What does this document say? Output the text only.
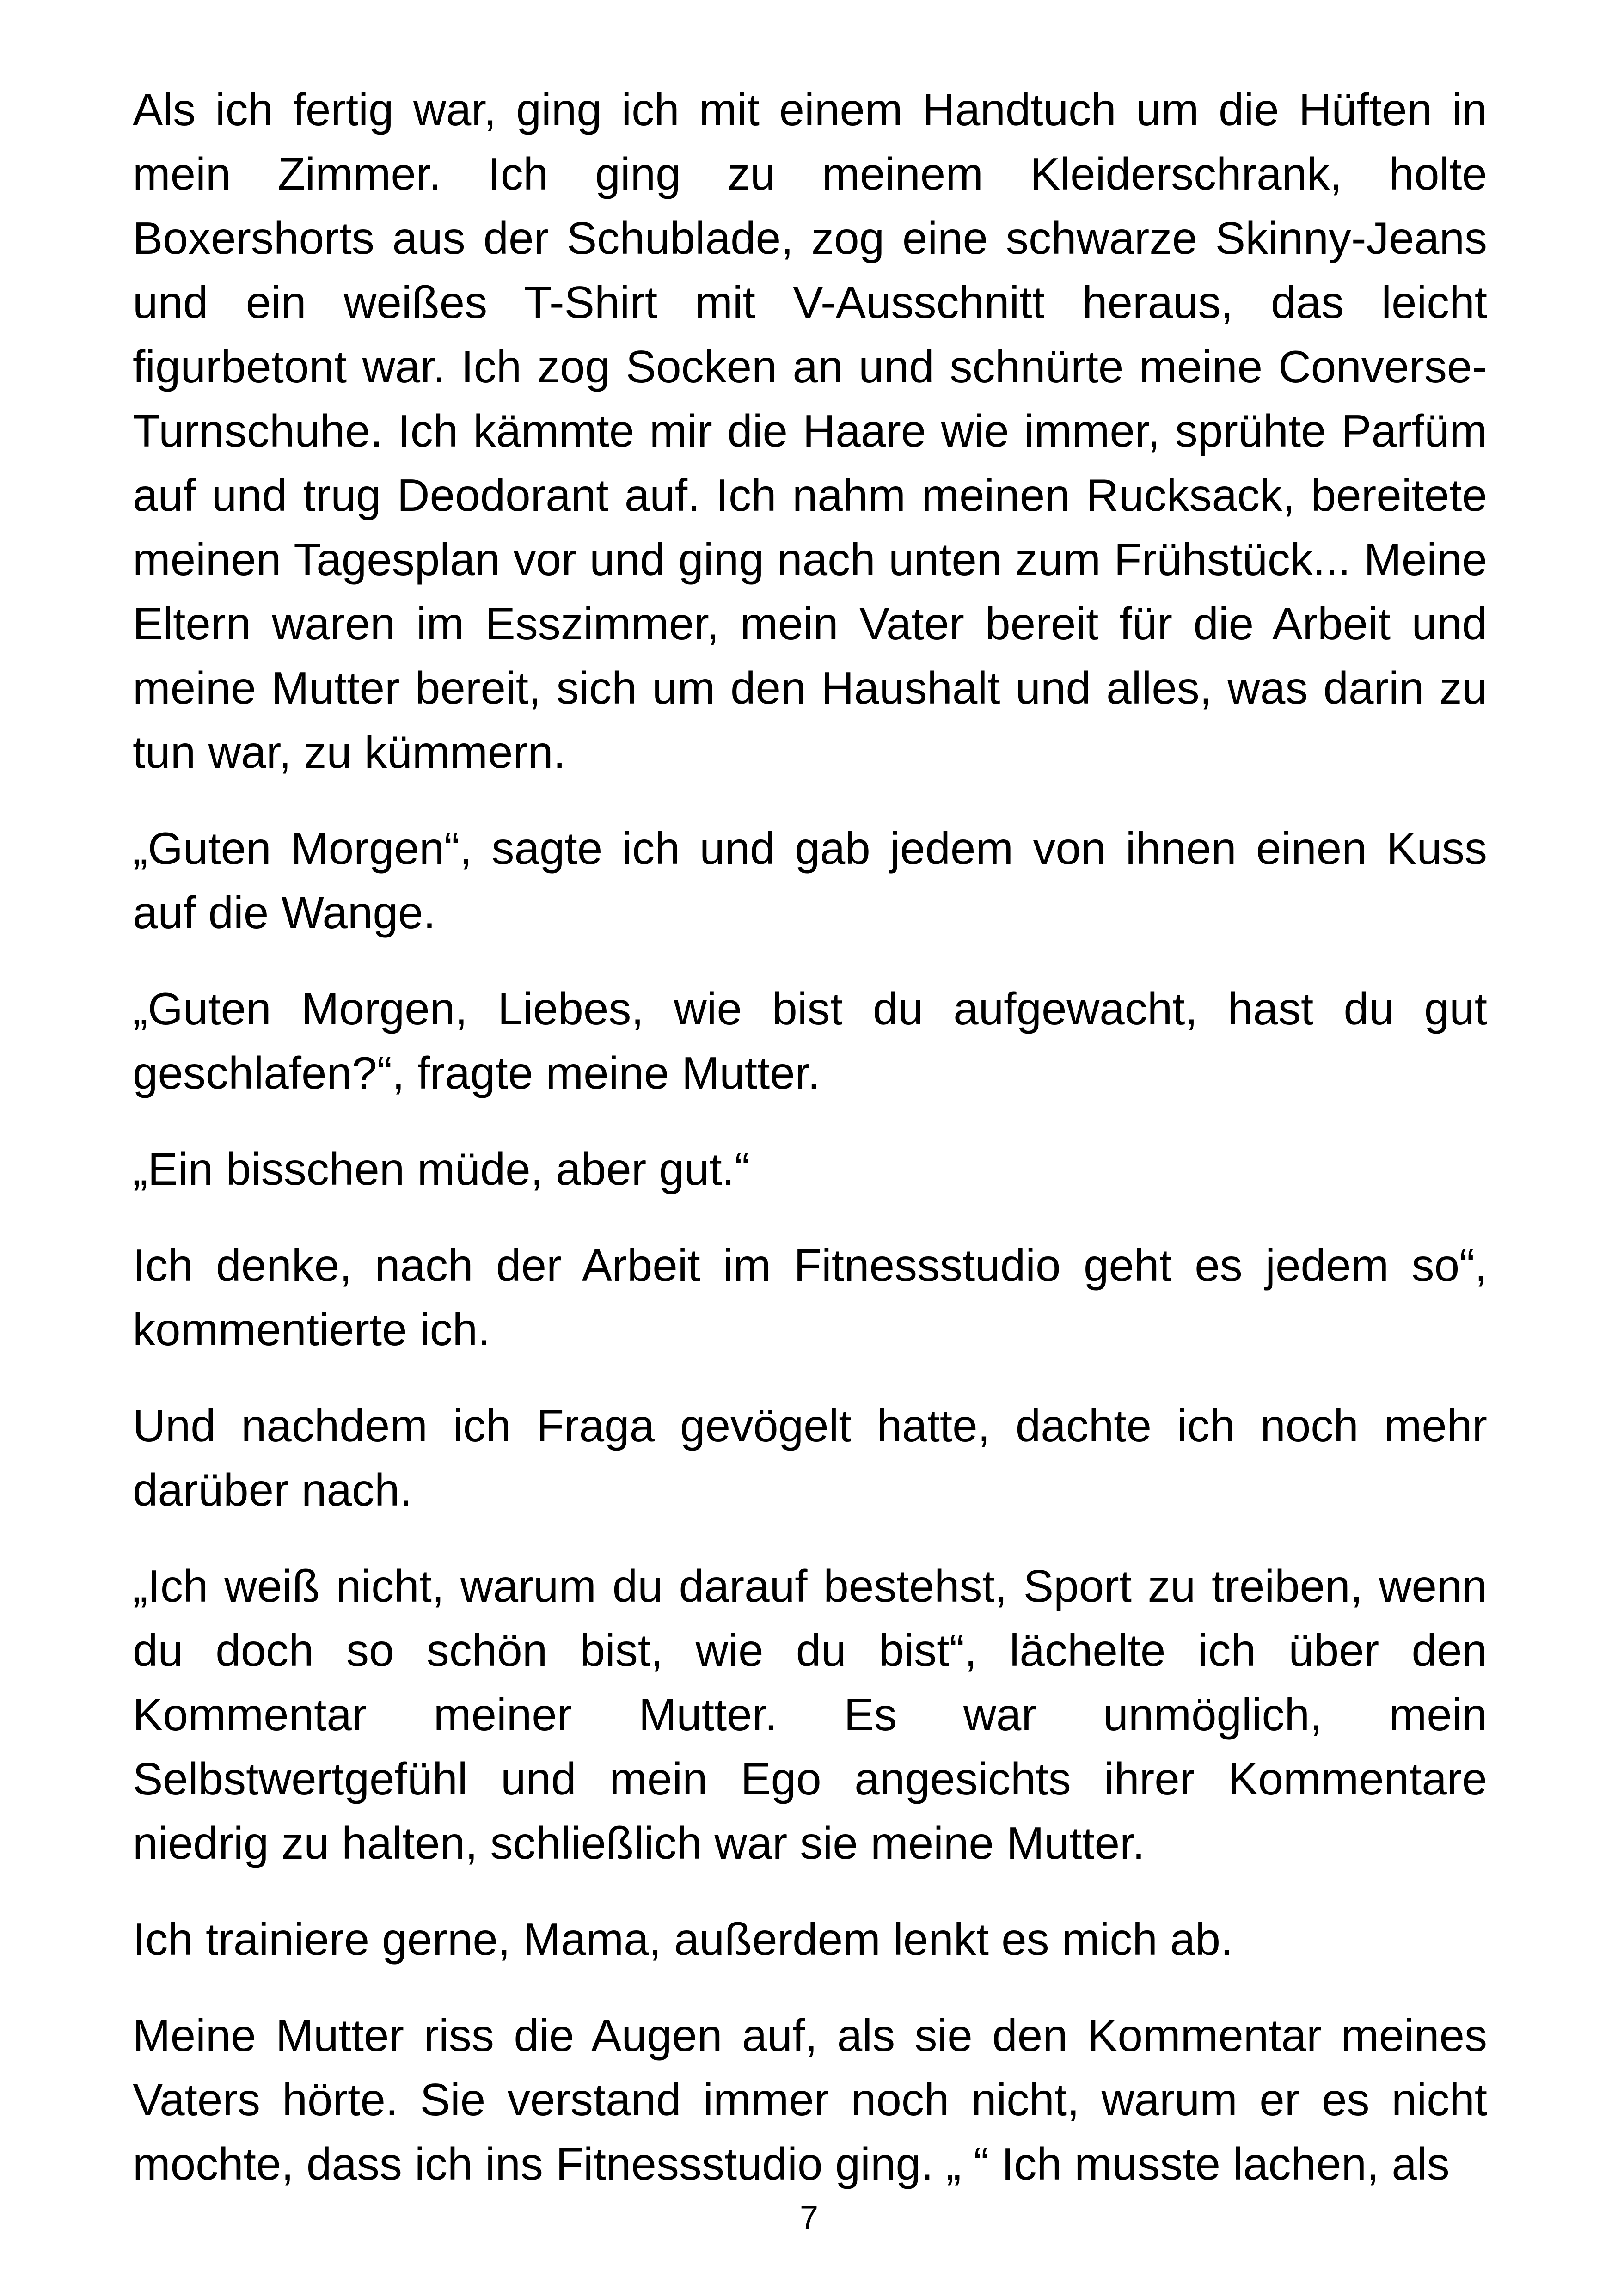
Als ich fertig war, ging ich mit einem Handtuch um die Hüften in mein Zimmer. Ich ging zu meinem Kleiderschrank, holte Boxershorts aus der Schublade, zog eine schwarze Skinny-Jeans und ein weißes T-Shirt mit V-Ausschnitt heraus, das leicht figurbetont war. Ich zog Socken an und schnürte meine Converse-Turnschuhe. Ich kämmte mir die Haare wie immer, sprühte Parfüm auf und trug Deodorant auf. Ich nahm meinen Rucksack, bereitete meinen Tagesplan vor und ging nach unten zum Frühstück... Meine Eltern waren im Esszimmer, mein Vater bereit für die Arbeit und meine Mutter bereit, sich um den Haushalt und alles, was darin zu tun war, zu kümmern.

„Guten Morgen“, sagte ich und gab jedem von ihnen einen Kuss auf die Wange.

„Guten Morgen, Liebes, wie bist du aufgewacht, hast du gut geschlafen?“, fragte meine Mutter.

„Ein bisschen müde, aber gut.“

Ich denke, nach der Arbeit im Fitnessstudio geht es jedem so“, kommentierte ich.

Und nachdem ich Fraga gevögelt hatte, dachte ich noch mehr darüber nach.

„Ich weiß nicht, warum du darauf bestehst, Sport zu treiben, wenn du doch so schön bist, wie du bist“, lächelte ich über den Kommentar meiner Mutter. Es war unmöglich, mein Selbstwertgefühl und mein Ego angesichts ihrer Kommentare niedrig zu halten, schließlich war sie meine Mutter.

Ich trainiere gerne, Mama, außerdem lenkt es mich ab.

Meine Mutter riss die Augen auf, als sie den Kommentar meines Vaters hörte. Sie verstand immer noch nicht, warum er es nicht mochte, dass ich ins Fitnessstudio ging. „ “ Ich musste lachen, als

7
